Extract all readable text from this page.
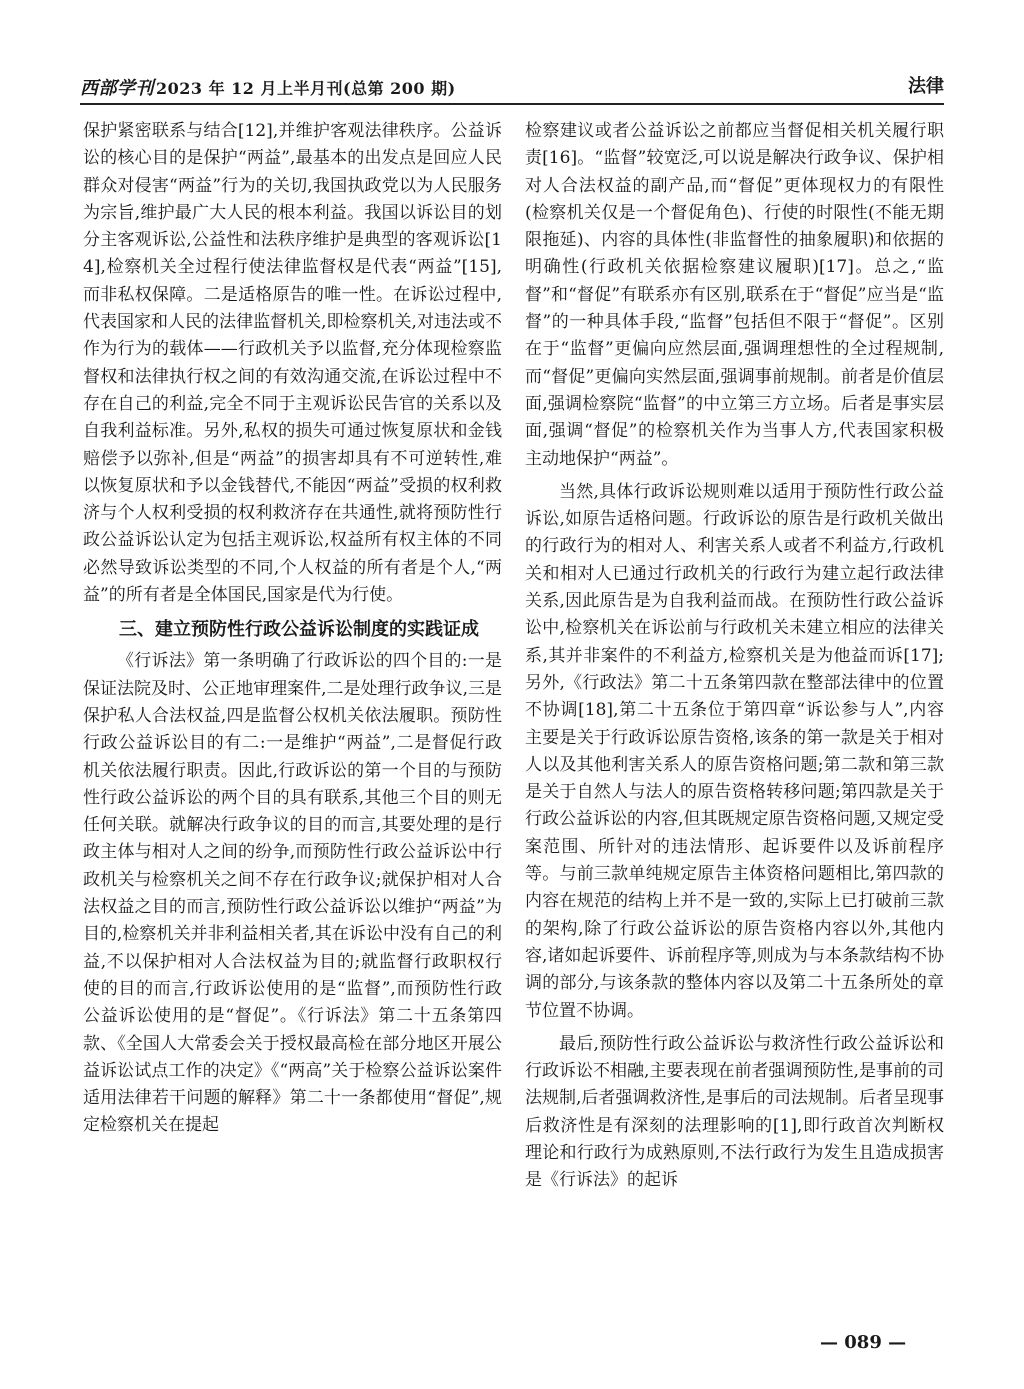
西部学刊 2023 年 12 月上半月刊(总第 200 期)	法律

保护紧密联系与结合[12],并维护客观法律秩序。公益诉讼的核心目的是保护“两益”,最基本的出发点是回应人民群众对侵害“两益”行为的关切,我国执政党以为人民服务为宗旨,维护最广大人民的根本利益。我国以诉讼目的划分主客观诉讼,公益性和法秩序维护是典型的客观诉讼[14],检察机关全过程行使法律监督权是代表“两益”[15],而非私权保障。二是适格原告的唯一性。在诉讼过程中,代表国家和人民的法律监督机关,即检察机关,对违法或不作为行为的载体——行政机关予以监督,充分体现检察监督权和法律执行权之间的有效沟通交流,在诉讼过程中不存在自己的利益,完全不同于主观诉讼民告官的关系以及自我利益标准。另外,私权的损失可通过恢复原状和金钱赔偿予以弥补,但是“两益”的损害却具有不可逆转性,难以恢复原状和予以金钱替代,不能因“两益”受损的权利救济与个人权利受损的权利救济存在共通性,就将预防性行政公益诉讼认定为包括主观诉讼,权益所有权主体的不同必然导致诉讼类型的不同,个人权益的所有者是个人,“两益”的所有者是全体国民,国家是代为行使。

三、建立预防性行政公益诉讼制度的实践证成

《行诉法》第一条明确了行政诉讼的四个目的:一是保证法院及时、公正地审理案件,二是处理行政争议,三是保护私人合法权益,四是监督公权机关依法履职。预防性行政公益诉讼目的有二:一是维护“两益”,二是督促行政机关依法履行职责。因此,行政诉讼的第一个目的与预防性行政公益诉讼的两个目的具有联系,其他三个目的则无任何关联。就解决行政争议的目的而言,其要处理的是行政主体与相对人之间的纷争,而预防性行政公益诉讼中行政机关与检察机关之间不存在行政争议;就保护相对人合法权益之目的而言,预防性行政公益诉讼以维护“两益”为目的,检察机关并非利益相关者,其在诉讼中没有自己的利益,不以保护相对人合法权益为目的;就监督行政职权行使的目的而言,行政诉讼使用的是“监督”,而预防性行政公益诉讼使用的是“督促”。《行诉法》第二十五条第四款、《全国人大常委会关于授权最高检在部分地区开展公益诉讼试点工作的决定》《“两高”关于检察公益诉讼案件适用法律若干问题的解释》第二十一条都使用“督促”,规定检察机关在提起

检察建议或者公益诉讼之前都应当督促相关机关履行职责[16]。“监督”较宽泛,可以说是解决行政争议、保护相对人合法权益的副产品,而“督促”更体现权力的有限性(检察机关仅是一个督促角色)、行使的时限性(不能无期限拖延)、内容的具体性(非监督性的抽象履职)和依据的明确性(行政机关依据检察建议履职)[17]。总之,“监督”和“督促”有联系亦有区别,联系在于“督促”应当是“监督”的一种具体手段,“监督”包括但不限于“督促”。区别在于“监督”更偏向应然层面,强调理想性的全过程规制,而“督促”更偏向实然层面,强调事前规制。前者是价值层面,强调检察院“监督”的中立第三方立场。后者是事实层面,强调“督促”的检察机关作为当事人方,代表国家积极主动地保护“两益”。

当然,具体行政诉讼规则难以适用于预防性行政公益诉讼,如原告适格问题。行政诉讼的原告是行政机关做出的行政行为的相对人、利害关系人或者不利益方,行政机关和相对人已通过行政机关的行政行为建立起行政法律关系,因此原告是为自我利益而战。在预防性行政公益诉讼中,检察机关在诉讼前与行政机关未建立相应的法律关系,其并非案件的不利益方,检察机关是为他益而诉[17];另外,《行政法》第二十五条第四款在整部法律中的位置不协调[18],第二十五条位于第四章“诉讼参与人”,内容主要是关于行政诉讼原告资格,该条的第一款是关于相对人以及其他利害关系人的原告资格问题;第二款和第三款是关于自然人与法人的原告资格转移问题;第四款是关于行政公益诉讼的内容,但其既规定原告资格问题,又规定受案范围、所针对的违法情形、起诉要件以及诉前程序等。与前三款单纯规定原告主体资格问题相比,第四款的内容在规范的结构上并不是一致的,实际上已打破前三款的架构,除了行政公益诉讼的原告资格内容以外,其他内容,诸如起诉要件、诉前程序等,则成为与本条款结构不协调的部分,与该条款的整体内容以及第二十五条所处的章节位置不协调。

最后,预防性行政公益诉讼与救济性行政公益诉讼和行政诉讼不相融,主要表现在前者强调预防性,是事前的司法规制,后者强调救济性,是事后的司法规制。后者呈现事后救济性是有深刻的法理影响的[1],即行政首次判断权理论和行政行为成熟原则,不法行政行为发生且造成损害是《行诉法》的起诉

— 089 —
